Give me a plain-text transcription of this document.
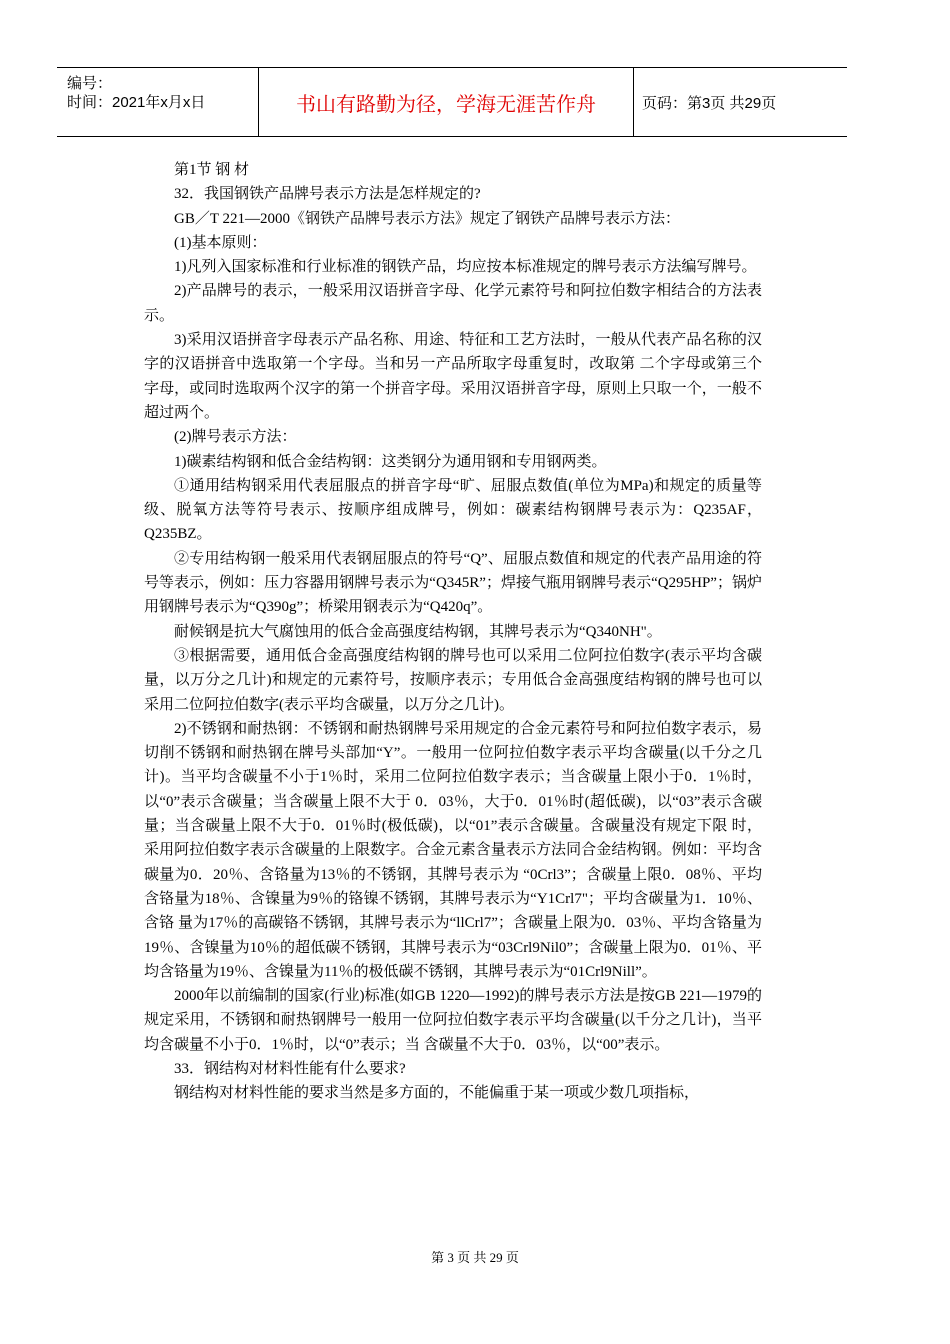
编号：
时间：2021年x月x日	书山有路勤为径，学海无涯苦作舟	页码：第3页 共29页

第1节 钢 材

32．我国钢铁产品牌号表示方法是怎样规定的?

GB／T 221—2000《钢铁产品牌号表示方法》规定了钢铁产品牌号表示方法：

(1)基本原则：

1)凡列入国家标准和行业标准的钢铁产品，均应按本标准规定的牌号表示方法编写牌号。

2)产品牌号的表示，一般采用汉语拼音字母、化学元素符号和阿拉伯数字相结合的方法表示。

3)采用汉语拼音字母表示产品名称、用途、特征和工艺方法时，一般从代表产品名称的汉字的汉语拼音中选取第一个字母。当和另一产品所取字母重复时，改取第 二个字母或第三个字母，或同时选取两个汉字的第一个拼音字母。采用汉语拼音字母，原则上只取一个，一般不超过两个。

(2)牌号表示方法：

1)碳素结构钢和低合金结构钢：这类钢分为通用钢和专用钢两类。

①通用结构钢采用代表屈服点的拼音字母“旷、屈服点数值(单位为MPa)和规定的质量等级、脱氧方法等符号表示、按顺序组成牌号，例如：碳素结构钢牌号表示为：Q235AF，Q235BZ。

②专用结构钢一般采用代表钢屈服点的符号“Q”、屈服点数值和规定的代表产品用途的符号等表示，例如：压力容器用钢牌号表示为“Q345R”；焊接气瓶用钢牌号表示“Q295HP”；锅炉用钢牌号表示为“Q390g”；桥梁用钢表示为“Q420q”。

耐候钢是抗大气腐蚀用的低合金高强度结构钢，其牌号表示为“Q340NH"。

③根据需要，通用低合金高强度结构钢的牌号也可以采用二位阿拉伯数字(表示平均含碳量，以万分之几计)和规定的元素符号，按顺序表示；专用低合金高强度结构钢的牌号也可以采用二位阿拉伯数字(表示平均含碳量，以万分之几计)。

2)不锈钢和耐热钢：不锈钢和耐热钢牌号采用规定的合金元素符号和阿拉伯数字表示，易切削不锈钢和耐热钢在牌号头部加“Y”。一般用一位阿拉伯数字表示平均含碳量(以千分之几计)。当平均含碳量不小于1％时，采用二位阿拉伯数字表示；当含碳量上限小于0．1％时，以“0”表示含碳量；当含碳量上限不大于 0．03％，大于0．01％时(超低碳)，以“03”表示含碳量；当含碳量上限不大于0．01％时(极低碳)，以“01”表示含碳量。含碳量没有规定下限 时，采用阿拉伯数字表示含碳量的上限数字。合金元素含量表示方法同合金结构钢。例如：平均含碳量为0．20％、含铬量为13％的不锈钢，其牌号表示为 “0Crl3”；含碳量上限0．08％、平均含铬量为18％、含镍量为9％的铬镍不锈钢，其牌号表示为“Y1Crl7"；平均含碳量为1．10％、含铬 量为17％的高碳铬不锈钢，其牌号表示为“llCrl7”；含碳量上限为0．03％、平均含铬量为19％、含镍量为10％的超低碳不锈钢，其牌号表示为“03Crl9Nil0”；含碳量上限为0．01％、平均含铬量为19％、含镍量为11％的极低碳不锈钢，其牌号表示为“01Crl9Nill”。

2000年以前编制的国家(行业)标准(如GB 1220—1992)的牌号表示方法是按GB 221—1979的规定采用，不锈钢和耐热钢牌号一般用一位阿拉伯数字表示平均含碳量(以千分之几计)，当平均含碳量不小于0．1％时，以“0”表示；当 含碳量不大于0．03％，以“00”表示。

33．钢结构对材料性能有什么要求?

钢结构对材料性能的要求当然是多方面的，不能偏重于某一项或少数几项指标，

第 3 页 共 29 页
